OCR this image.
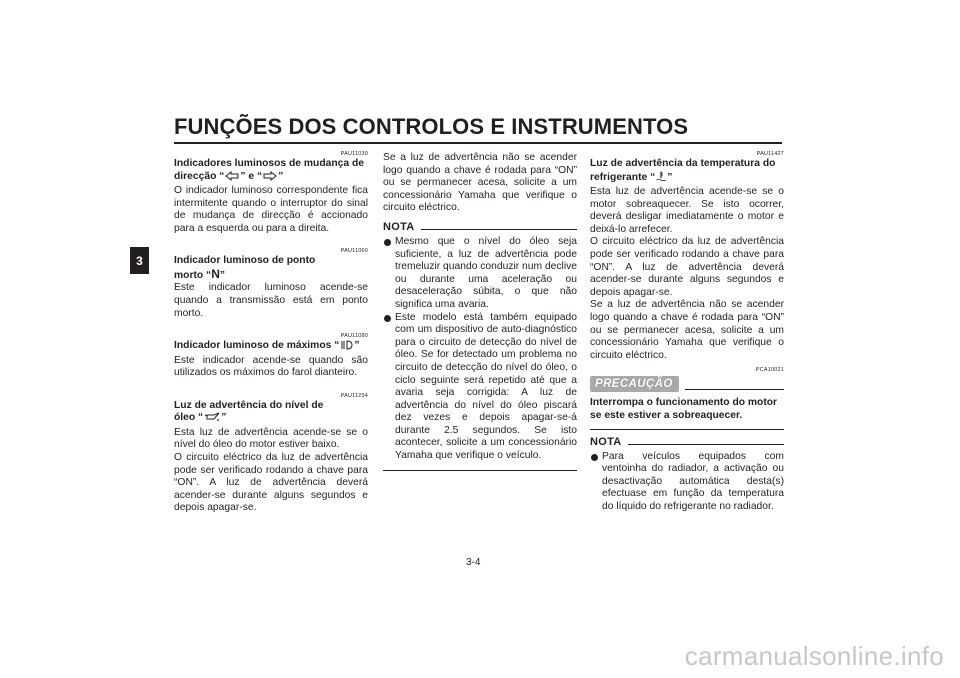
FUNÇÕES DOS CONTROLOS E INSTRUMENTOS
3

PAU11030

Indicadores luminosos de mudança de
direcção “ ” e “ ”

O indicador luminoso correspondente fica intermitente quando o interruptor do sinal de mudança de direcção é accionado para a esquerda ou para a direita.

PAU11060

Indicador luminoso de ponto
morto “N”

Este indicador luminoso acende-se quando a transmissão está em ponto morto.

PAU11080

Indicador luminoso de máximos “ ”

Este indicador acende-se quando são utilizados os máximos do farol dianteiro.

PAU11254

Luz de advertência do nível de
óleo “ ”

Esta luz de advertência acende-se se o nível do óleo do motor estiver baixo.

O circuito eléctrico da luz de advertência pode ser verificado rodando a chave para “ON”. A luz de advertência deverá acender-se durante alguns segundos e depois apagar-se.

Se a luz de advertência não se acender logo quando a chave é rodada para “ON” ou se permanecer acesa, solicite a um concessionário Yamaha que verifique o circuito eléctrico.

NOTA
Mesmo que o nível do óleo seja suficiente, a luz de advertência pode tremeluzir quando conduzir num declive ou durante uma aceleração ou desaceleração súbita, o que não significa uma avaria.
Este modelo está também equipado com um dispositivo de auto-diagnóstico para o circuito de detecção do nível de óleo. Se for detectado um problema no circuito de detecção do nível do óleo, o ciclo seguinte será repetido até que a avaria seja corrigida: A luz de advertência do nível do óleo piscará dez vezes e depois apagar-se-á durante 2.5 segundos. Se isto acontecer, solicite a um concessionário Yamaha que verifique o veículo.

PAU11427

Luz de advertência da temperatura do
refrigerante “ ”

Esta luz de advertência acende-se se o motor sobreaquecer. Se isto ocorrer, deverá desligar imediatamente o motor e deixá-lo arrefecer.

O circuito eléctrico da luz de advertência pode ser verificado rodando a chave para “ON”. A luz de advertência deverá acender-se durante alguns segundos e depois apagar-se.

Se a luz de advertência não se acender logo quando a chave é rodada para “ON” ou se permanecer acesa, solicite a um concessionário Yamaha que verifique o circuito eléctrico.

PCA10021

PRECAUÇÃO

Interrompa o funcionamento do motor se este estiver a sobreaquecer.

NOTA
Para veículos equipados com ventoinha do radiador, a activação ou desactivação automática desta(s) efectuase em função da temperatura do líquido do refrigerante no radiador.
3-4
carmanualsonline.info
